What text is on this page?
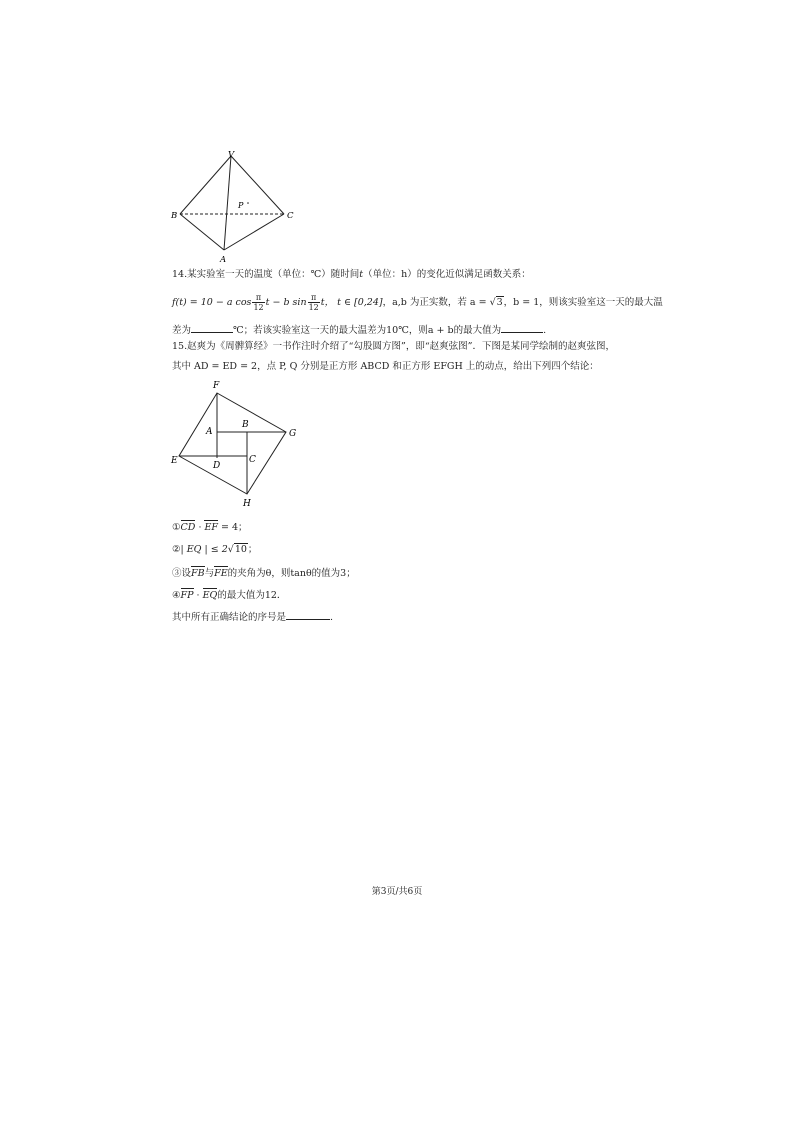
V
B	C
A
P
14.某实验室一天的温度（单位：℃）随时间t（单位：h）的变化近似满足函数关系：
f(t) = 10 − a $\cos \frac{\pi}{12}$ t − b $\sin \frac{\pi}{12}$ t， t ∈ [0,24]，a,b 为正实数，若 a = √3，b = 1，则该实验室这一天的最大温
差为	℃；若该实验室这一天的最大温差为10℃，则a + b的最大值为	.
15.赵爽为《周髀算经》一书作注时介绍了“勾股圆方图”，即“赵爽弦图”．下图是某同学绘制的赵爽弦图，
其中 AD = ED = 2，点 P, Q 分别是正方形 ABCD 和正方形 EFGH 上的动点，给出下列四个结论：
F
G
E
H
A
B
C
D
①CD · EF = 4；
②| EQ | ≤ 2√10；
③设FB与FE的夹角为θ，则tanθ的值为3；
④FP · EQ的最大值为12．
其中所有正确结论的序号是	.
第3页/共6页
